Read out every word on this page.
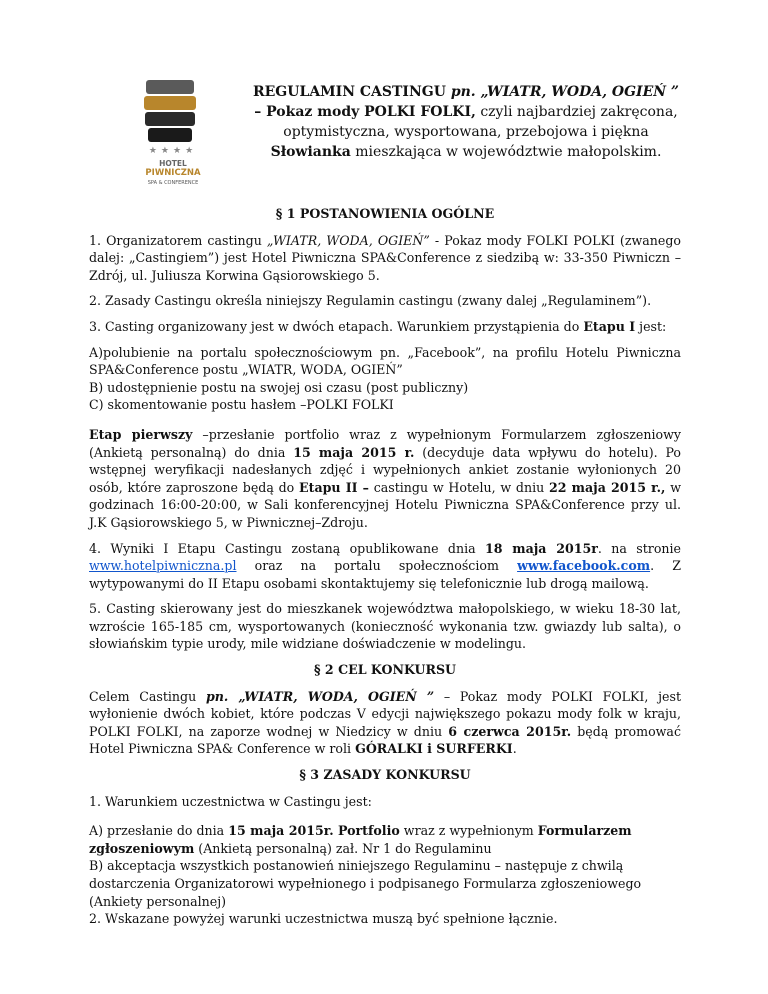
★★★★
HOTEL
PIWNICZNA
SPA & CONFERENCE
REGULAMIN CASTINGU pn. „WIATR, WODA, OGIEŃ ” – Pokaz mody POLKI FOLKI, czyli najbardziej zakręcona, optymistyczna, wysportowana, przebojowa i piękna Słowianka mieszkająca w województwie małopolskim.
§ 1 POSTANOWIENIA OGÓLNE

1. Organizatorem castingu „WIATR, WODA, OGIEŃ” - Pokaz mody FOLKI POLKI (zwanego dalej: „Castingiem”) jest Hotel Piwniczna SPA&Conference z siedzibą w: 33-350 Piwniczn –Zdrój, ul. Juliusza Korwina Gąsiorowskiego 5.

2. Zasady Castingu określa niniejszy Regulamin castingu (zwany dalej „Regulaminem”).

3. Casting organizowany jest w dwóch etapach. Warunkiem przystąpienia do Etapu I jest:

A)polubienie na portalu społecznościowym pn. „Facebook”, na profilu Hotelu Piwniczna SPA&Conference postu „WIATR, WODA, OGIEŃ”

B) udostępnienie postu na swojej osi czasu (post publiczny)

C) skomentowanie postu hasłem –POLKI FOLKI

Etap pierwszy –przesłanie portfolio wraz z wypełnionym Formularzem zgłoszeniowy (Ankietą personalną) do dnia 15 maja 2015 r. (decyduje data wpływu do hotelu). Po wstępnej weryfikacji nadesłanych zdjęć i wypełnionych ankiet zostanie wyłonionych 20 osób, które zaproszone będą do Etapu II – castingu w Hotelu, w dniu 22 maja 2015 r., w godzinach 16:00-20:00, w Sali konferencyjnej Hotelu Piwniczna SPA&Conference przy ul. J.K Gąsiorowskiego 5, w Piwnicznej–Zdroju.

4. Wyniki I Etapu Castingu zostaną opublikowane dnia 18 maja 2015r. na stronie www.hotelpiwniczna.pl oraz na portalu społecznościom www.facebook.com. Z wytypowanymi do II Etapu osobami skontaktujemy się telefonicznie lub drogą mailową.

5. Casting skierowany jest do mieszkanek województwa małopolskiego, w wieku 18-30 lat, wzroście 165-185 cm, wysportowanych (konieczność wykonania tzw. gwiazdy lub salta), o słowiańskim typie urody, mile widziane doświadczenie w modelingu.

§ 2 CEL KONKURSU

Celem Castingu pn. „WIATR, WODA, OGIEŃ ” – Pokaz mody POLKI FOLKI, jest wyłonienie dwóch kobiet, które podczas V edycji największego pokazu mody folk w kraju, POLKI FOLKI, na zaporze wodnej w Niedzicy w dniu 6 czerwca 2015r. będą promować Hotel Piwniczna SPA& Conference w roli GÓRALKI i SURFERKI.

§ 3 ZASADY KONKURSU

1. Warunkiem uczestnictwa w Castingu jest:

A) przesłanie do dnia 15 maja 2015r. Portfolio wraz z wypełnionym Formularzem zgłoszeniowym (Ankietą personalną) zał. Nr 1 do Regulaminu

B) akceptacja wszystkich postanowień niniejszego Regulaminu – następuje z chwilą dostarczenia Organizatorowi wypełnionego i podpisanego Formularza zgłoszeniowego (Ankiety personalnej)

2. Wskazane powyżej warunki uczestnictwa muszą być spełnione łącznie.
